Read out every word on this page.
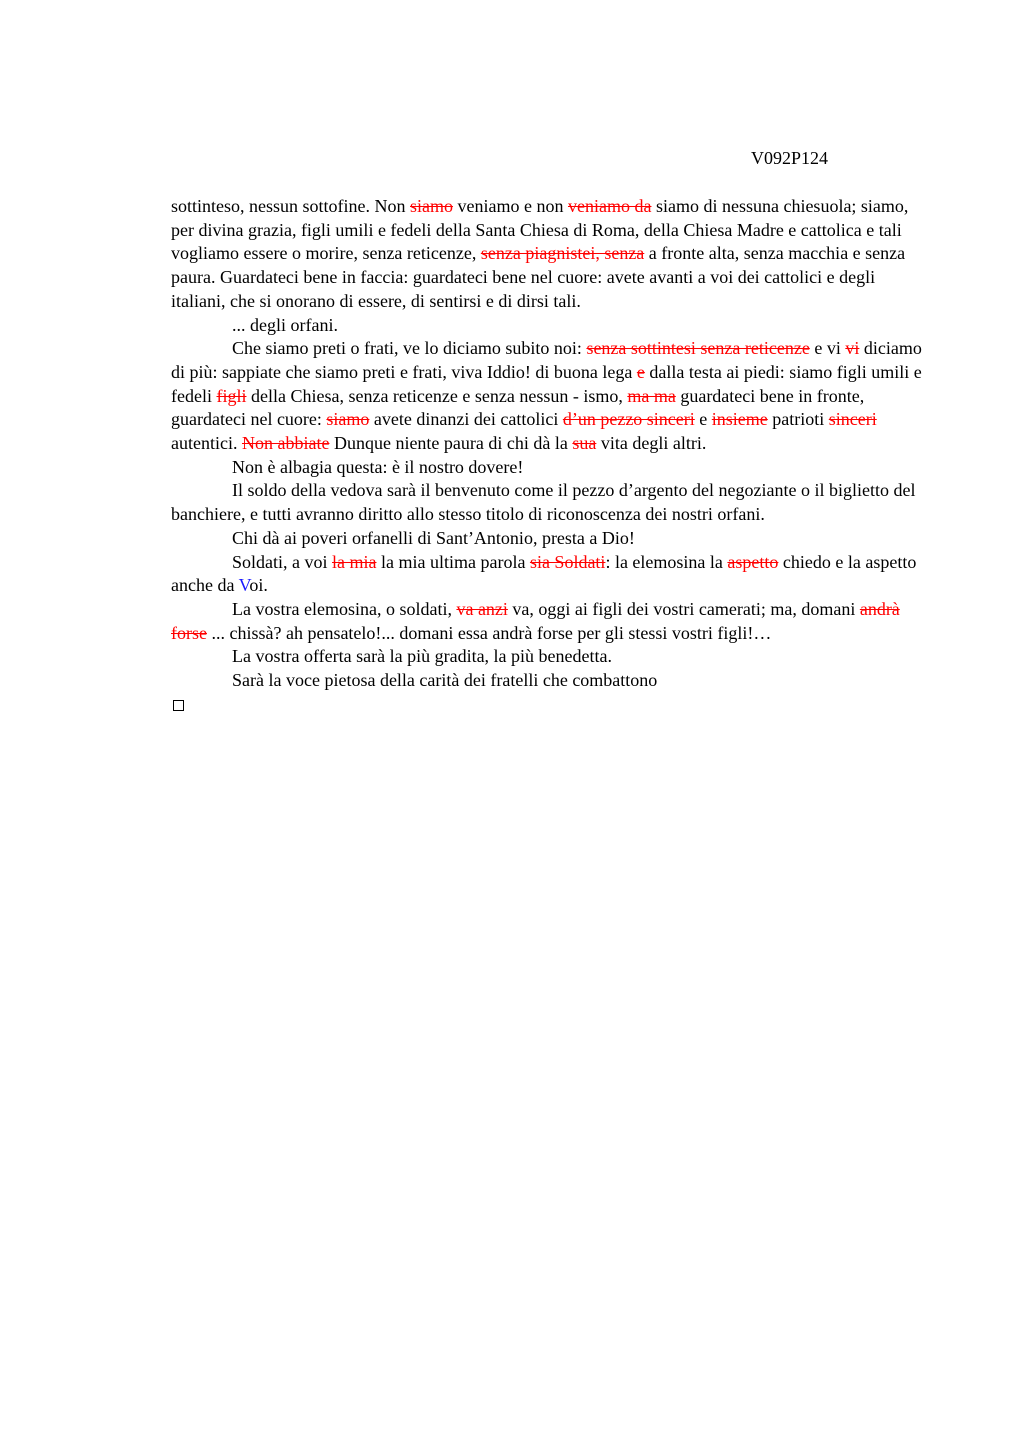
V092P124

sottinteso, nessun sottofine. Non siamo veniamo e non veniamo da siamo di nessuna chiesuola; siamo, per divina grazia, figli umili e fedeli della Santa Chiesa di Roma, della Chiesa Madre e cattolica e tali vogliamo essere o morire, senza reticenze, senza piagnistei, senza a fronte alta, senza macchia e senza paura. Guardateci bene in faccia: guardateci bene nel cuore: avete avanti a voi dei cattolici e degli italiani, che si onorano di essere, di sentirsi e di dirsi tali.

... degli orfani.

Che siamo preti o frati, ve lo diciamo subito noi: senza sottintesi senza reticenze e vi vi diciamo di più: sappiate che siamo preti e frati, viva Iddio! di buona lega e dalla testa ai piedi: siamo figli umili e fedeli figli della Chiesa, senza reticenze e senza nessun - ismo, ma ma guardateci bene in fronte, guardateci nel cuore: siamo avete dinanzi dei cattolici d’un pezzo sinceri e insieme patrioti sinceri autentici. Non abbiate Dunque niente paura di chi dà la sua vita degli altri.

Non è albagia questa: è il nostro dovere!

Il soldo della vedova sarà il benvenuto come il pezzo d’argento del negoziante o il biglietto del banchiere, e tutti avranno diritto allo stesso titolo di riconoscenza dei nostri orfani.

Chi dà ai poveri orfanelli di Sant’Antonio, presta a Dio!

Soldati, a voi la mia la mia ultima parola sia Soldati: la elemosina la aspetto chiedo e la aspetto anche da Voi.

La vostra elemosina, o soldati, va anzi va, oggi ai figli dei vostri camerati; ma, domani andrà forse ... chissà? ah pensatelo!... domani essa andrà forse per gli stessi vostri figli!…

La vostra offerta sarà la più gradita, la più benedetta.

Sarà la voce pietosa della carità dei fratelli che combattono
